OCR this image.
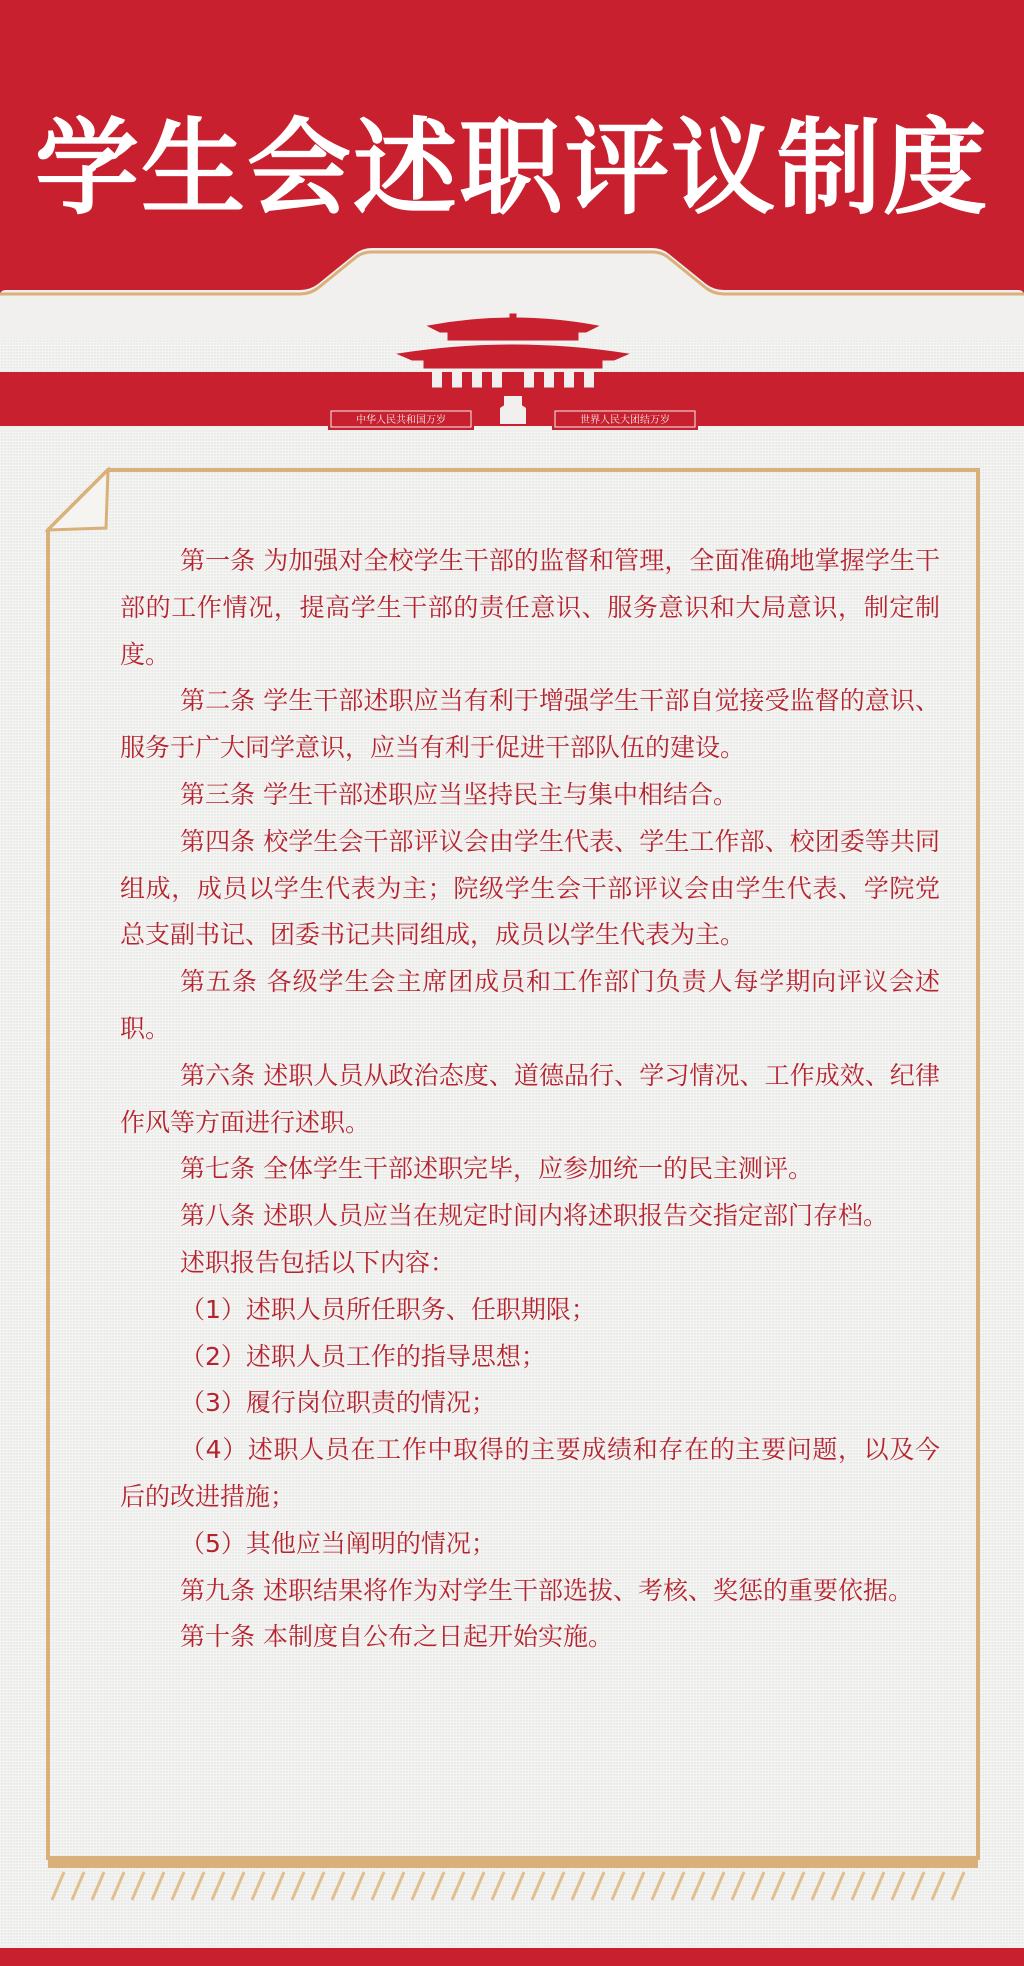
中华人民共和国万岁	世界人民大团结万岁
学生会述职评议制度

第一条 为加强对全校学生干部的监督和管理，全面准确地掌握学生干部的工作情况，提高学生干部的责任意识、服务意识和大局意识，制定制度。

第二条 学生干部述职应当有利于增强学生干部自觉接受监督的意识、服务于广大同学意识，应当有利于促进干部队伍的建设。

第三条 学生干部述职应当坚持民主与集中相结合。

第四条 校学生会干部评议会由学生代表、学生工作部、校团委等共同组成，成员以学生代表为主；院级学生会干部评议会由学生代表、学院党总支副书记、团委书记共同组成，成员以学生代表为主。

第五条 各级学生会主席团成员和工作部门负责人每学期向评议会述职。

第六条 述职人员从政治态度、道德品行、学习情况、工作成效、纪律作风等方面进行述职。

第七条 全体学生干部述职完毕，应参加统一的民主测评。

第八条 述职人员应当在规定时间内将述职报告交指定部门存档。

述职报告包括以下内容：

（1）述职人员所任职务、任职期限；

（2）述职人员工作的指导思想；

（3）履行岗位职责的情况；

（4）述职人员在工作中取得的主要成绩和存在的主要问题，以及今后的改进措施；

（5）其他应当阐明的情况；

第九条 述职结果将作为对学生干部选拔、考核、奖惩的重要依据。

第十条 本制度自公布之日起开始实施。
